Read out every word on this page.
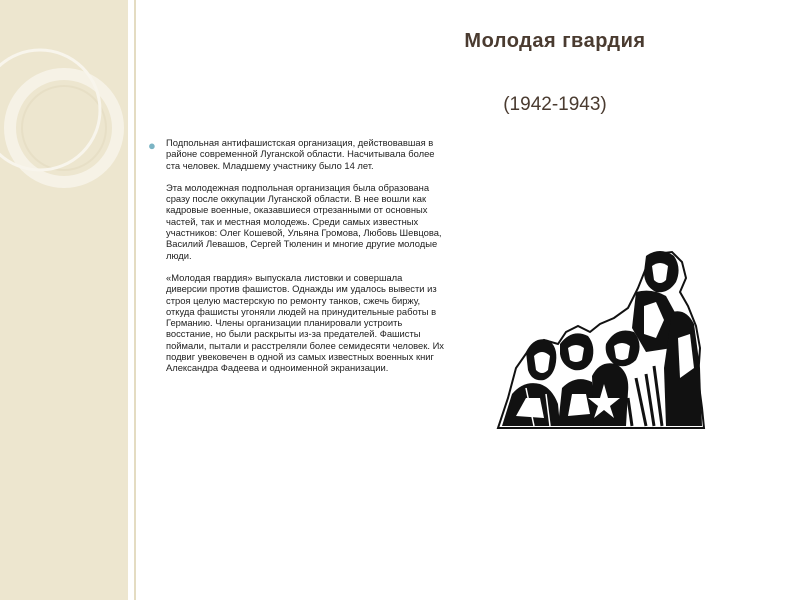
Молодая гвардия
(1942-1943)
● Подпольная антифашистская организация, действовавшая в районе современной Луганской области. Насчитывала более ста человек. Младшему участнику было 14 лет.

Эта молодежная подпольная организация была образована сразу после оккупации Луганской области. В нее вошли как кадровые военные, оказавшиеся отрезанными от основных частей, так и местная молодежь. Среди самых известных участников: Олег Кошевой, Ульяна Громова, Любовь Шевцова, Василий Левашов, Сергей Тюленин и многие другие молодые люди.

«Молодая гвардия» выпускала листовки и совершала диверсии против фашистов. Однажды им удалось вывести из строя целую мастерскую по ремонту танков, сжечь биржу, откуда фашисты угоняли людей на принудительные работы в Германию. Члены организации планировали устроить восстание, но были раскрыты из-за предателей. Фашисты поймали, пытали и расстреляли более семидесяти человек. Их подвиг увековечен в одной из самых известных военных книг Александра Фадеева и одноименной экранизации.
